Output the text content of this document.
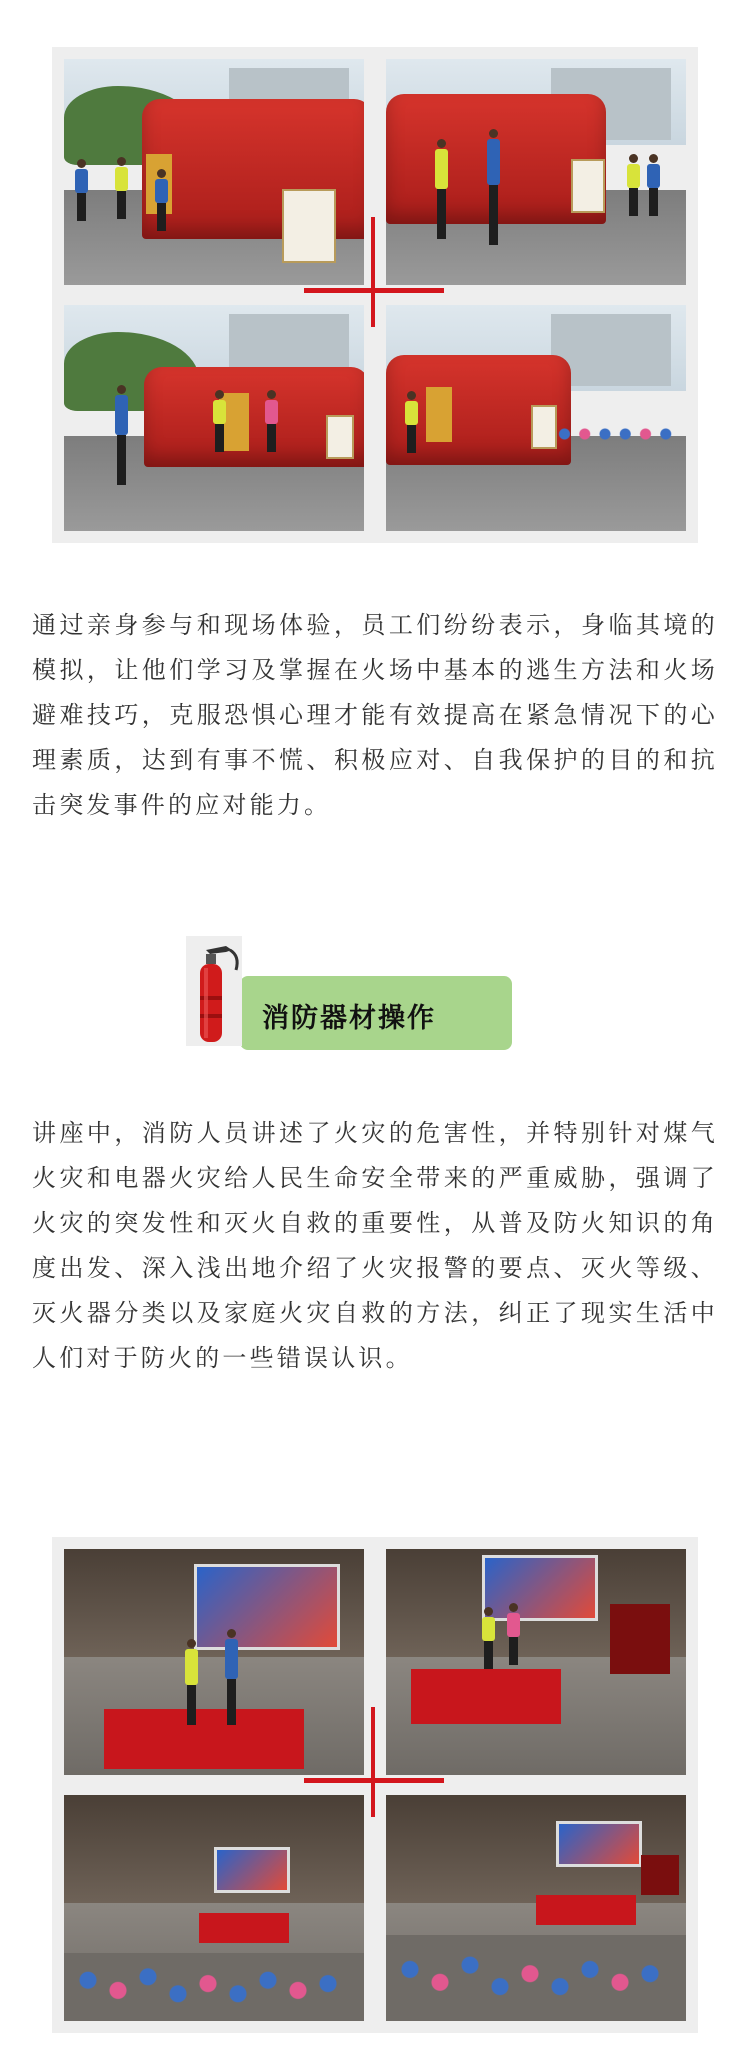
通过亲身参与和现场体验，员工们纷纷表示，身临其境的模拟，让他们学习及掌握在火场中基本的逃生方法和火场避难技巧，克服恐惧心理才能有效提高在紧急情况下的心理素质，达到有事不慌、积极应对、自我保护的目的和抗击突发事件的应对能力。

消防器材操作

讲座中，消防人员讲述了火灾的危害性，并特别针对煤气火灾和电器火灾给人民生命安全带来的严重威胁，强调了火灾的突发性和灭火自救的重要性，从普及防火知识的角度出发、深入浅出地介绍了火灾报警的要点、灭火等级、灭火器分类以及家庭火灾自救的方法，纠正了现实生活中人们对于防火的一些错误认识。
